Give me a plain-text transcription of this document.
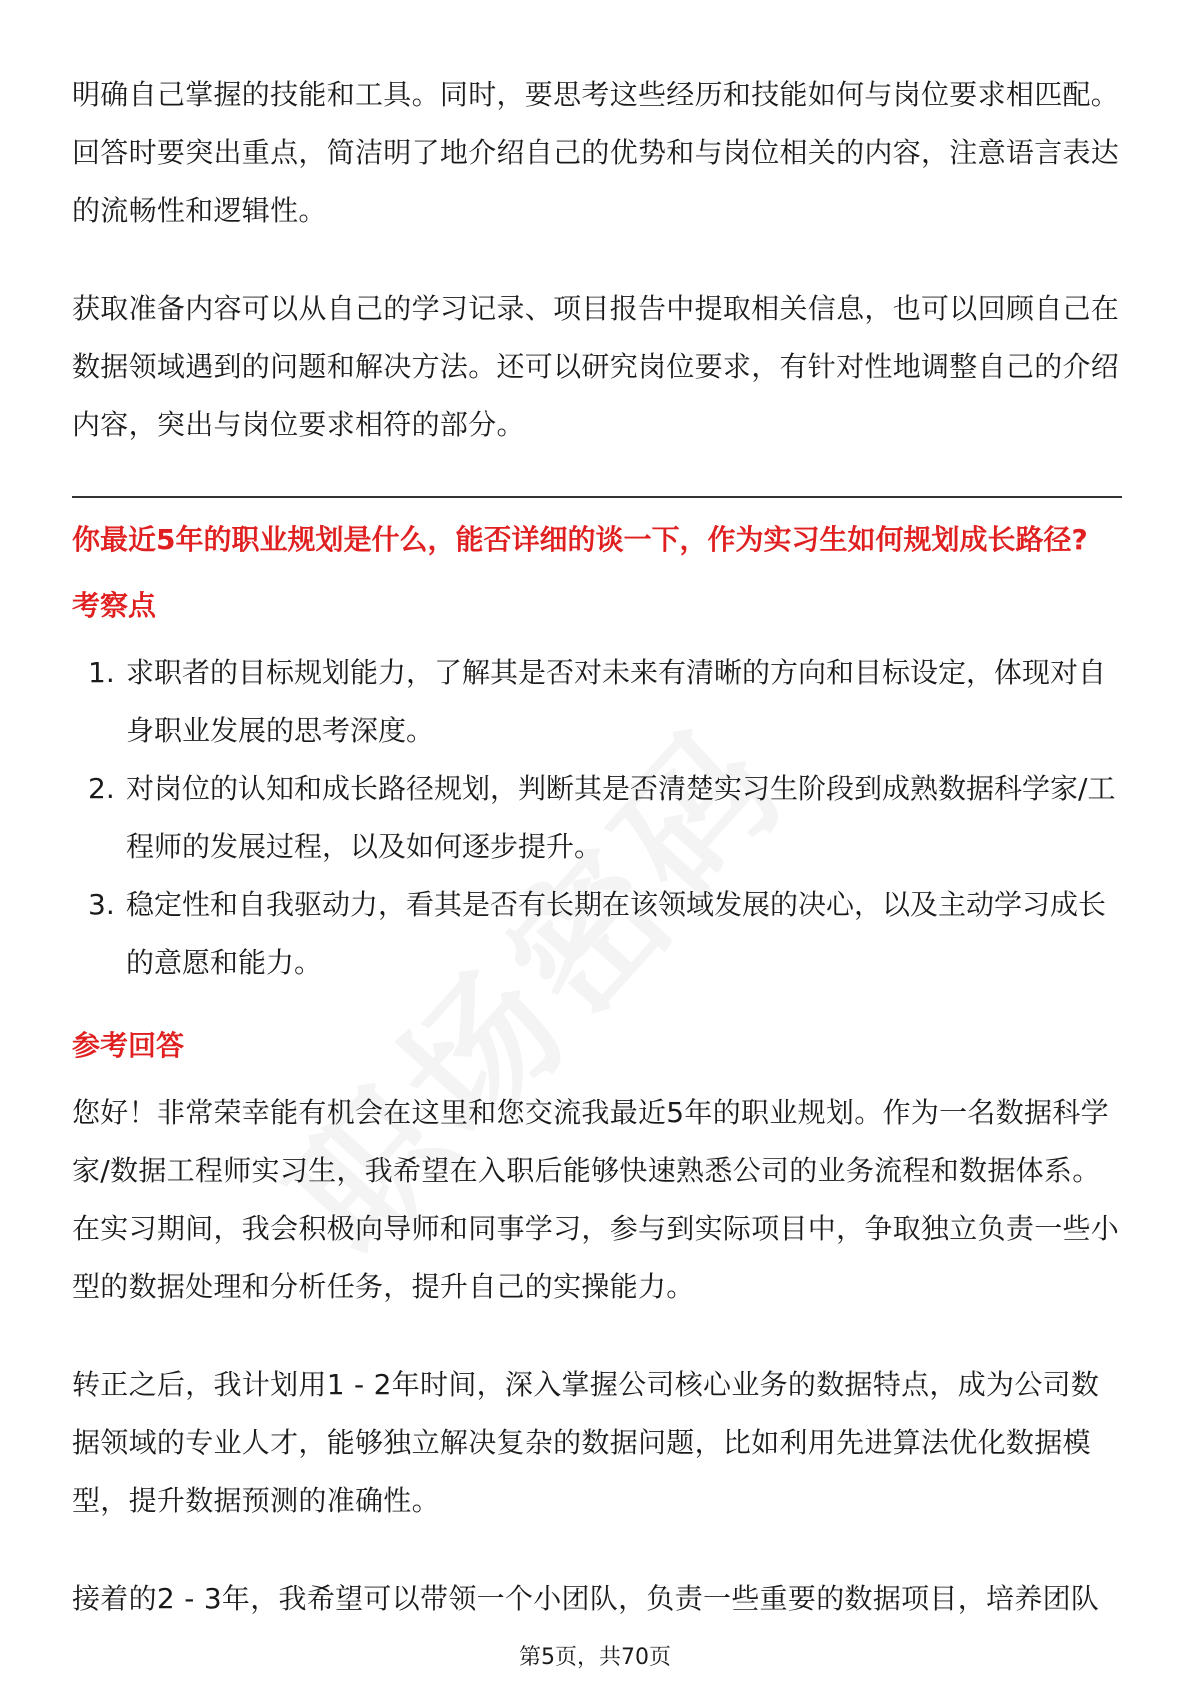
明确自己掌握的技能和工具。同时，要思考这些经历和技能如何与岗位要求相匹配。回答时要突出重点，简洁明了地介绍自己的优势和与岗位相关的内容，注意语言表达的流畅性和逻辑性。

获取准备内容可以从自己的学习记录、项目报告中提取相关信息，也可以回顾自己在数据领域遇到的问题和解决方法。还可以研究岗位要求，有针对性地调整自己的介绍内容，突出与岗位要求相符的部分。

你最近5年的职业规划是什么，能否详细的谈一下，作为实习生如何规划成长路径?

考察点

1. 求职者的目标规划能力，了解其是否对未来有清晰的方向和目标设定，体现对自身职业发展的思考深度。
2. 对岗位的认知和成长路径规划，判断其是否清楚实习生阶段到成熟数据科学家/工程师的发展过程，以及如何逐步提升。
3. 稳定性和自我驱动力，看其是否有长期在该领域发展的决心，以及主动学习成长的意愿和能力。

参考回答

您好！非常荣幸能有机会在这里和您交流我最近5年的职业规划。作为一名数据科学家/数据工程师实习生，我希望在入职后能够快速熟悉公司的业务流程和数据体系。在实习期间，我会积极向导师和同事学习，参与到实际项目中，争取独立负责一些小型的数据处理和分析任务，提升自己的实操能力。

转正之后，我计划用1 - 2年时间，深入掌握公司核心业务的数据特点，成为公司数据领域的专业人才，能够独立解决复杂的数据问题，比如利用先进算法优化数据模型，提升数据预测的准确性。

接着的2 - 3年，我希望可以带领一个小团队，负责一些重要的数据项目，培养团队

第5页，共70页
